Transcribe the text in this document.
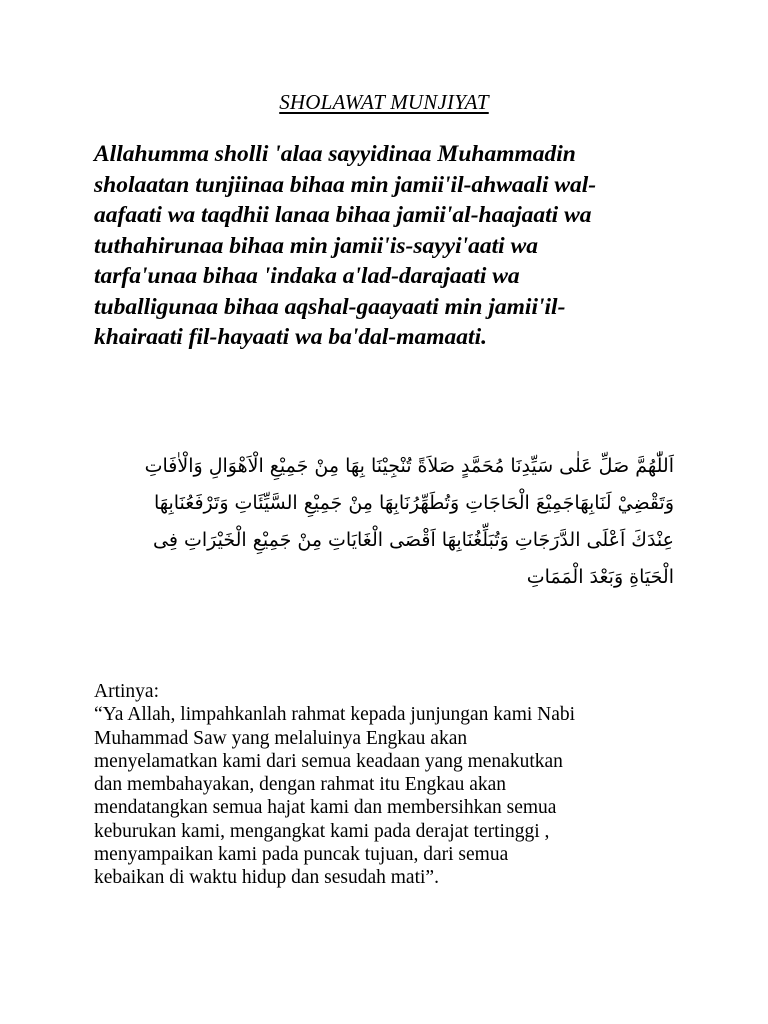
SHOLAWAT MUNJIYAT

Allahumma sholli 'alaa sayyidinaa Muhammadin
sholaatan tunjiinaa bihaa min jamii'il-ahwaali wal-
aafaati wa taqdhii lanaa bihaa jamii'al-haajaati wa
tuthahirunaa bihaa min jamii'is-sayyi'aati wa
tarfa'unaa bihaa 'indaka a'lad-darajaati wa
tuballigunaa bihaa aqshal-gaayaati min jamii'il-
khairaati fil-hayaati wa ba'dal-mamaati.

اَللّٰهُمَّ صَلِّ عَلٰى سَيِّدِنَا مُحَمَّدٍ صَلاَةً تُنْجِيْنَا بِهَا مِنْ جَمِيْعِ الْاَهْوَالِ وَالْاٰفَاتِ
وَتَقْضِيْ لَنَابِهَاجَمِيْعَ الْحَاجَاتِ وَتُطَهِّرُنَابِهَا مِنْ جَمِيْعِ السَّيِّئَاتِ وَتَرْفَعُنَابِهَا
عِنْدَكَ اَعْلَى الدَّرَجَاتِ وَتُبَلِّغُنَابِهَا اَقْصَى الْغَايَاتِ مِنْ جَمِيْعِ الْخَيْرَاتِ فِى
الْحَيَاةِ وَبَعْدَ الْمَمَاتِ

Artinya:
“Ya Allah, limpahkanlah rahmat kepada junjungan kami Nabi
Muhammad Saw yang melaluinya Engkau akan
menyelamatkan kami dari semua keadaan yang menakutkan
dan membahayakan, dengan rahmat itu Engkau akan
mendatangkan semua hajat kami dan membersihkan semua
keburukan kami, mengangkat kami pada derajat tertinggi ,
menyampaikan kami pada puncak tujuan, dari semua
kebaikan di waktu hidup dan sesudah mati”.
